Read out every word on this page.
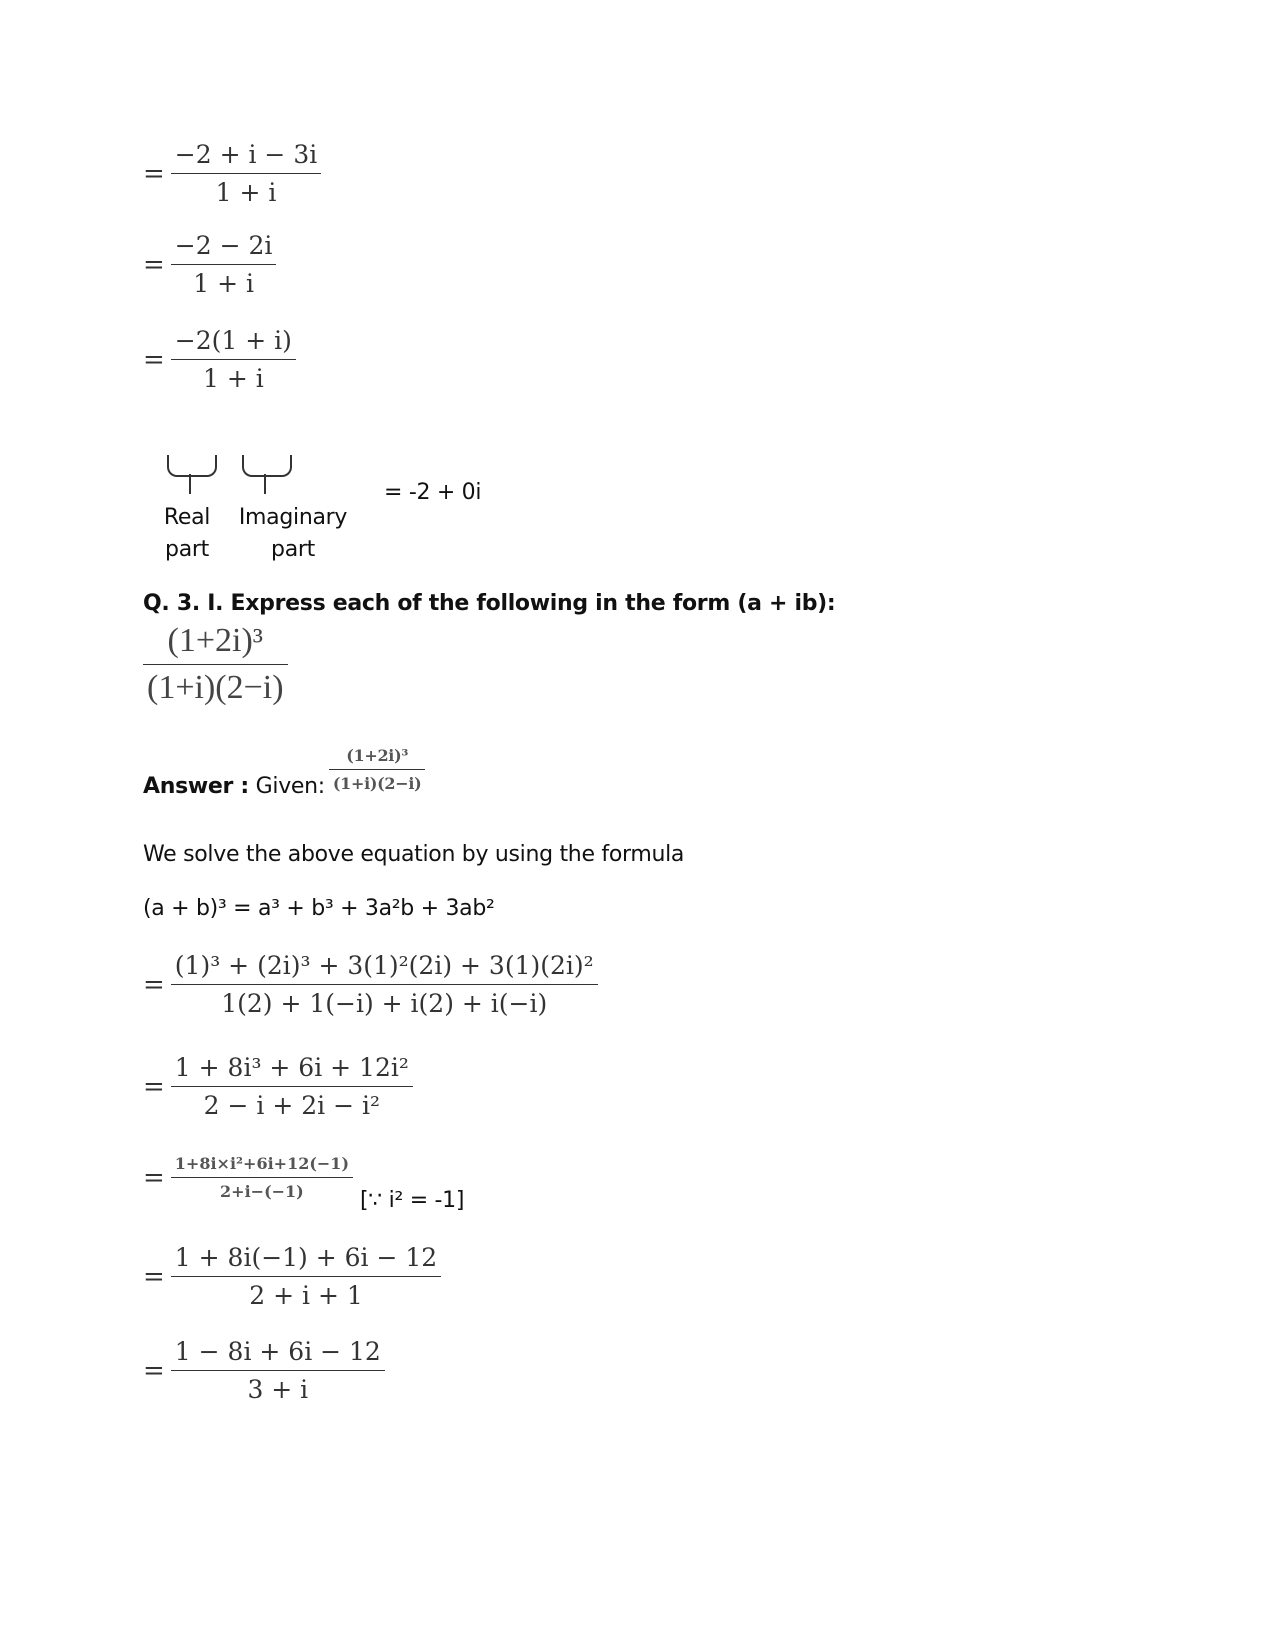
= $\frac{-2 + i - 3i}{1 + i}$
= $\frac{-2 - 2i}{1 + i}$
= $\frac{-2(1 + i)}{1 + i}$
Real
part
Imaginary
part
= -2 + 0i
Q. 3. I. Express each of the following in the form (a + ib):
$\frac{\text{(1+2i)³}}{(1+i)(2-i)}$
Answer : Given: $\frac{\text{(1+2i)³}}{(1+i)(2-i)}$
We solve the above equation by using the formula
(a + b)³ = a³ + b³ + 3a²b + 3ab²
= $\frac{\text{(1)³ + (2i)³ + 3(1)²(2i) + 3(1)(2i)²}}{1(2) + 1(-i) + i(2) + i(-i)}$
= $\frac{\text{1 + 8i³ + 6i + 12i²}}{\text{2 − i + 2i − i²}}$
= $\frac{\text{1+8i×i²+6i+12(−1)}}{2+i-(-1)}$ [∵ i² = -1]
= $\frac{1 + 8i(-1) + 6i - 12}{2 + i + 1}$
= $\frac{1 - 8i + 6i - 12}{3 + i}$
